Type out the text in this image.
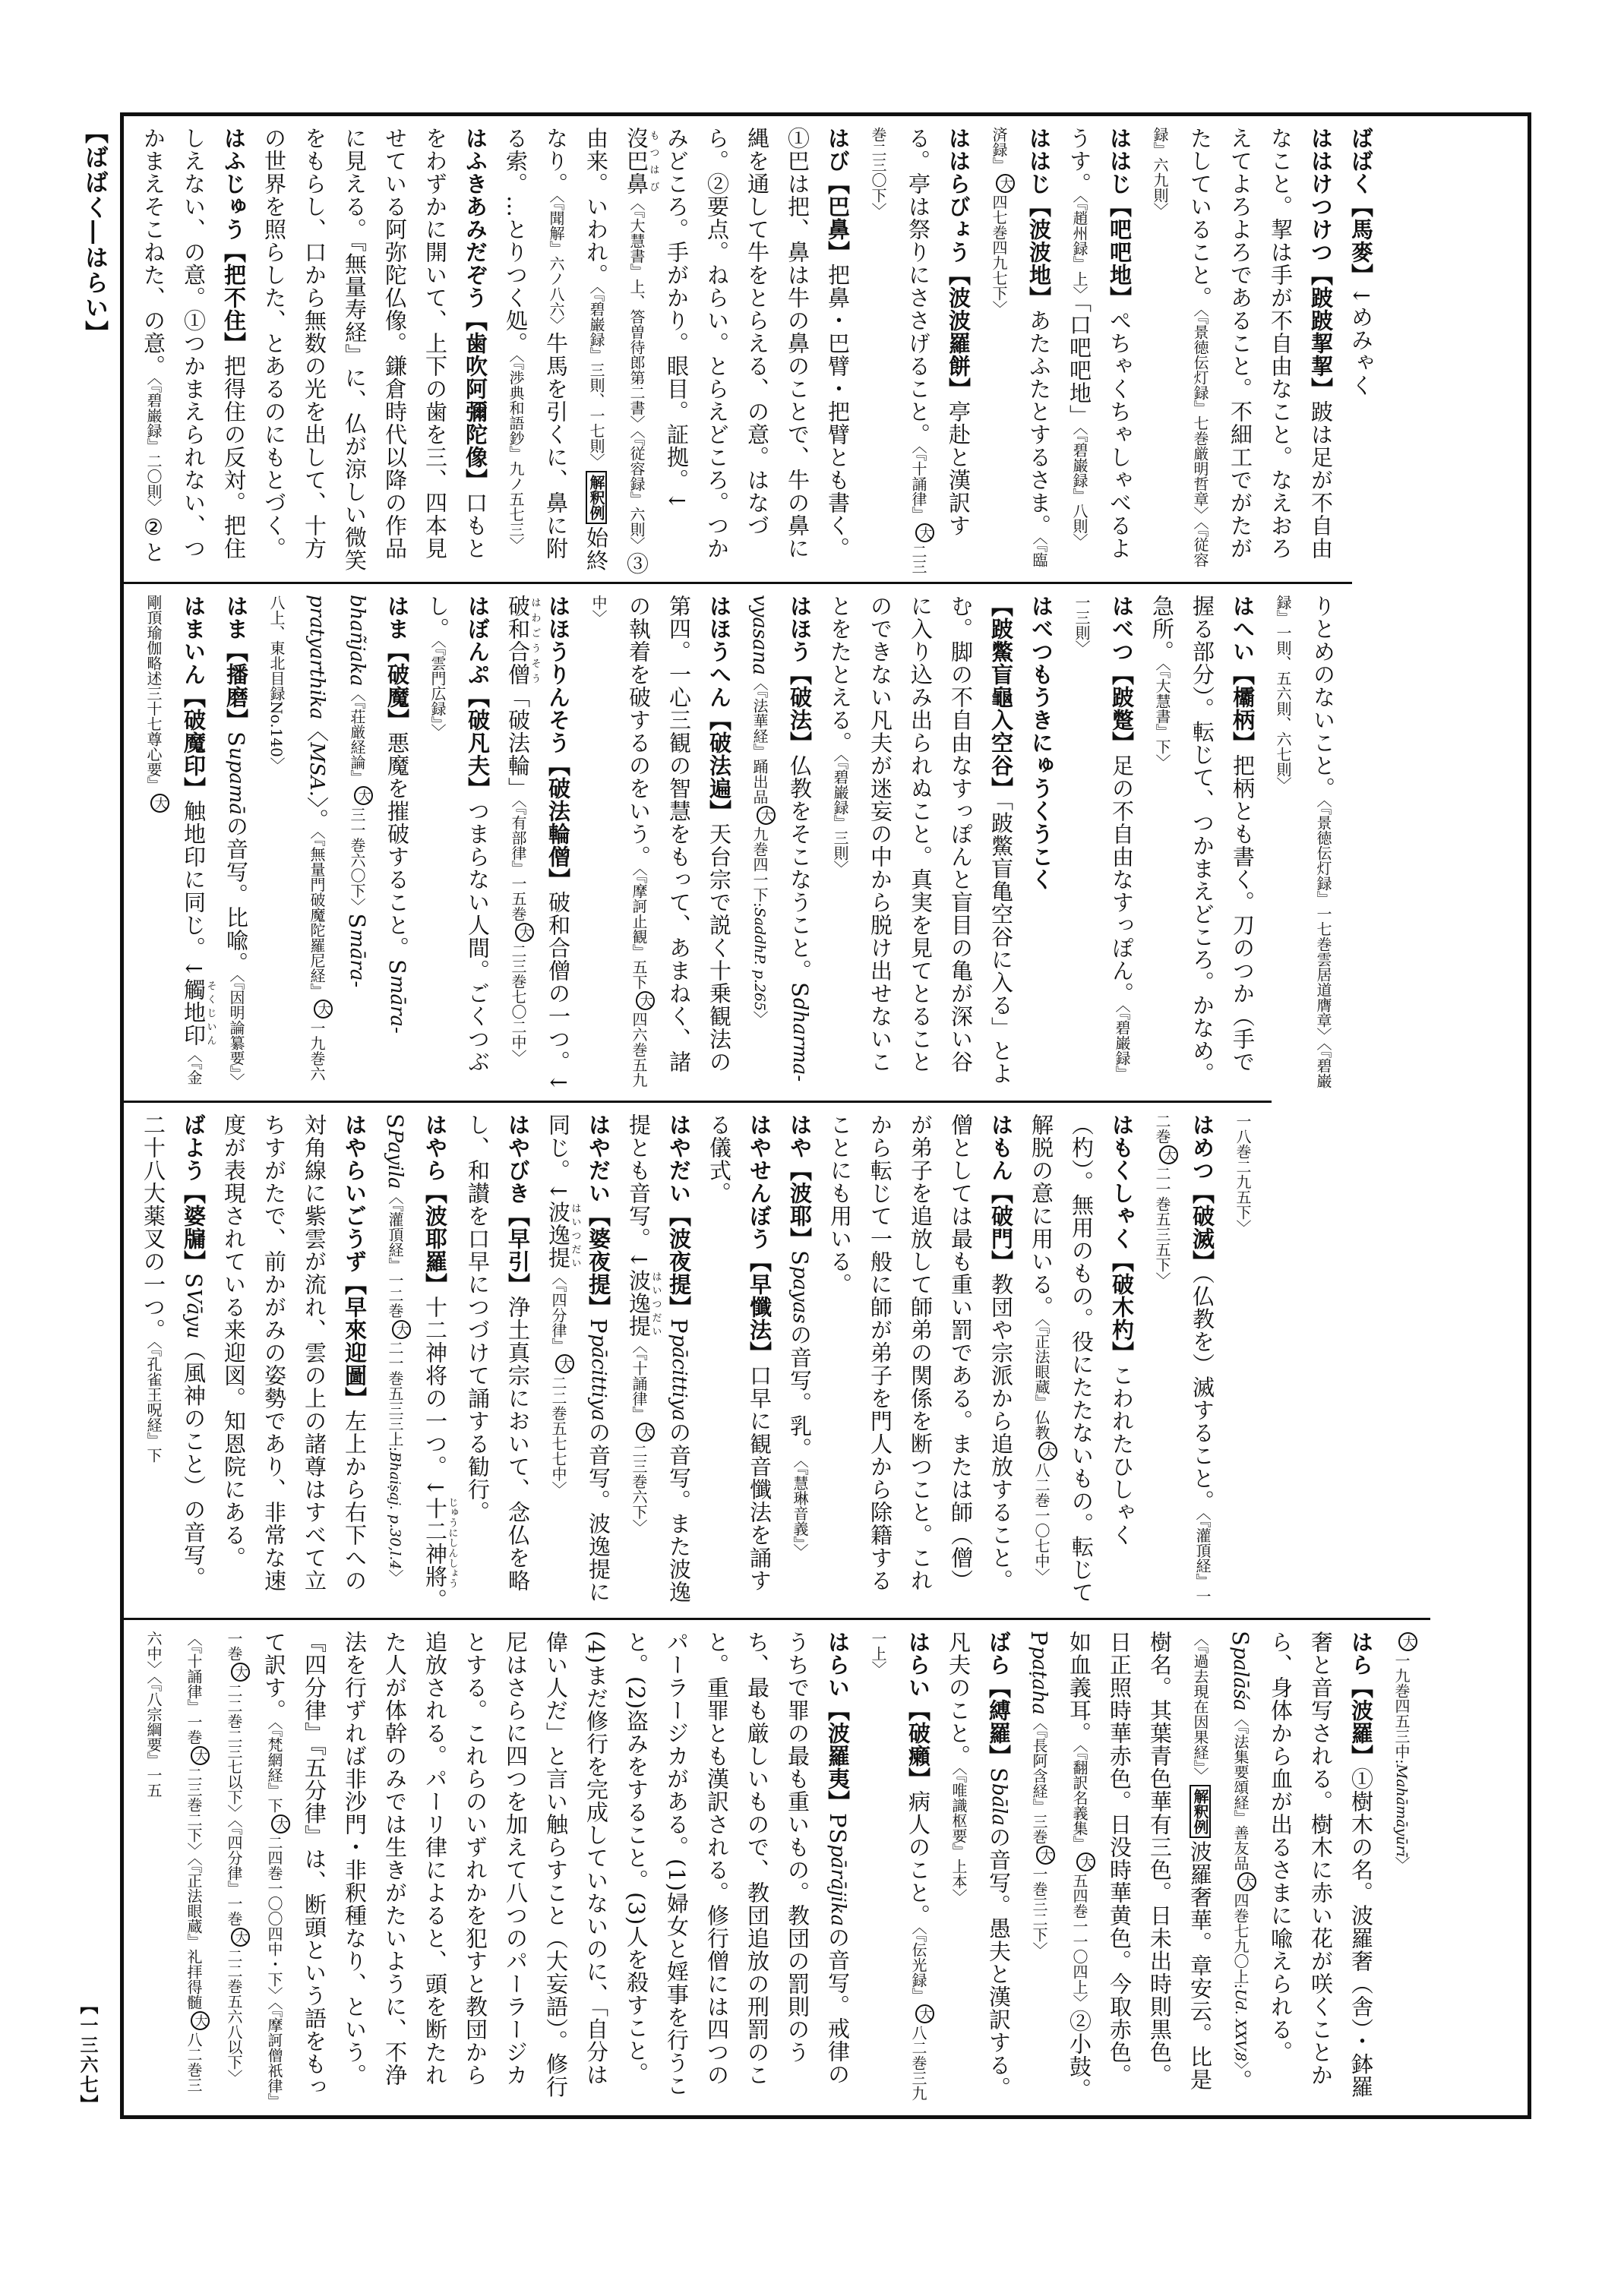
【ばばく―はらい】	ばばく【馬麥】↓めみゃく
ははけつけつ【跛跛挈挈】跛は足が不自由なこと。挈は手が不自由なこと。なえおろえてよろよろであること。不細工でがたがたしていること。〈『景徳伝灯録』七巻厳明哲章〉〈『従容録』六九則〉
ははじ【吧吧地】ぺちゃくちゃしゃべるようす。〈『趙州録』上〉「口吧吧地」〈『碧巌録』八則〉
ははじ【波波地】あたふたとするさま。〈『臨済録』大四七巻四九七下〉
ははらびょう【波波羅餅】亭赴と漢訳する。亭は祭りにささげること。〈『十誦律』大二三巻二三〇下〉
はび【巴鼻】把鼻・巴臂・把臂とも書く。①巴は把、鼻は牛の鼻のことで、牛の鼻に縄を通して牛をとらえる、の意。はなづら。②要点。ねらい。とらえどころ。つかみどころ。手がかり。眼目。証拠。↓沒巴鼻もつはび〈『大慧書』上、答曽待郎第二書〉〈『従容録』六則〉③由来。いわれ。〈『碧巌録』三則、一七則〉解釈例始終なり。〈『聞解』六ノ八六〉牛馬を引くに、鼻に附る索。…とりつく処。〈『渉典和語鈔』九ノ五七三〉
はふきあみだぞう【歯吹阿彌陀像】口もとをわずかに開いて、上下の歯を三、四本見せている阿弥陀仏像。鎌倉時代以降の作品に見える。『無量寿経』に、仏が涼しい微笑をもらし、口から無数の光を出して、十方の世界を照らした、とあるのにもとづく。
はふじゅう【把不住】把得住の反対。把住しえない、の意。①つかまえられない、つかまえそこねた、の意。〈『碧巌録』二〇則〉②と
りとめのないこと。〈『景徳伝灯録』一七巻雲居道膺章〉〈『碧巌録』一則、五六則、六七則〉
はへい【欛柄】把柄とも書く。刀のつか（手で握る部分）。転じて、つかまえどころ。かなめ。急所。〈『大慧書』下〉
はべつ【跛蹩】足の不自由なすっぽん。〈『碧巌録』一三則〉
はべつもうきにゅうくうこく【跛鱉盲龜入空谷】「跛鱉盲亀空谷に入る」とよむ。脚の不自由なすっぽんと盲目の亀が深い谷に入り込み出られぬこと。真実を見てとることのできない凡夫が迷妄の中から脱け出せないことをたとえる。〈『碧巌録』三則〉
はほう【破法】仏教をそこなうこと。Sdharma-vyasana〈『法華経』踊出品大九巻四一下:SaddhP. p.265〉
はほうへん【破法遍】天台宗で説く十乗観法の第四。一心三観の智慧をもって、あまねく、諸の執着を破するのをいう。〈『摩訶止観』五下大四六巻五九中〉
はほうりんそう【破法輪僧】破和合僧の一つ。↓破和合僧はわごうそう「破法輪」〈『有部律』一五巻大二三巻七〇二中〉
はぼんぷ【破凡夫】つまらない人間。ごくつぶし。〈『雲門広録』〉
はま【破魔】悪魔を摧破すること。Smāra-bhañjaka〈『荘厳経論』大三一巻六〇下〉Smāra-pratyarthika〈MSA.〉。〈『無量門破魔陀羅尼経』大一九巻六八上、東北目録No.140〉
はま【播磨】Supamāの音写。比喩。〈『因明論纂要』〉
はまいん【破魔印】触地印に同じ。↓觸地印そくじいん〈『金剛頂瑜伽略述三十七尊心要』大
一八巻二九五下〉
はめつ【破滅】（仏教を）滅すること。〈『灌頂経』一二巻大二一巻五三五下〉
はもくしゃく【破木杓】こわれたひしゃく（杓）。無用のもの。役にたたないもの。転じて解脱の意に用いる。〈『正法眼蔵』仏教大八二巻一〇七中〉
はもん【破門】教団や宗派から追放すること。僧としては最も重い罰である。または師（僧）が弟子を追放して師弟の関係を断つこと。これから転じて一般に師が弟子を門人から除籍することにも用いる。
はや【波耶】Spayasの音写。乳。〈『慧琳音義』〉
はやせんぼう【早懺法】口早に観音懺法を誦する儀式。
はやだい【波夜提】Ppācittiyaの音写。また波逸提とも音写。↓波逸提はいつだい〈『十誦律』大二三巻六下〉
はやだい【婆夜提】Ppācittiyaの音写。波逸提に同じ。↓波逸提はいつだい〈『四分律』大二二巻五七七中〉
はやびき【早引】浄土真宗において、念仏を略し、和讃を口早につづけて誦する勧行。
はやら【波耶羅】十二神将の一つ。↓十二神將じゅうにしんしょう。SPayila〈『灌頂経』一二巻大二一巻五三三上:Bhaiṣaj. p.30,l.4〉
はやらいごうず【早來迎圖】左上から右下への対角線に紫雲が流れ、雲の上の諸尊はすべて立ちすがたで、前かがみの姿勢であり、非常な速度が表現されている来迎図。知恩院にある。
ばよう【婆牖】SVāyu（風神のこと）の音写。二十八大薬叉の一つ。〈『孔雀王呪経』下
大一九巻四五三中:Mahāmāyūrī〉
はら【波羅】①樹木の名。波羅奢（舎）・鉢羅奢と音写される。樹木に赤い花が咲くことから、身体から血が出るさまに喩えられる。Spalāśa〈『法集要頌経』善友品大四巻七九〇上:Ud. XXV,8〉。〈『過去現在因果経』〉解釈例波羅奢華。章安云。比是樹名。其葉青色華有三色。日未出時則黒色。日正照時華赤色。日没時華黄色。今取赤色。如血義耳。〈『翻訳名義集』大五四巻一一〇四上〉②小鼓。Ppaṭaha〈『長阿含経』三巻大一巻三二下〉
ばら【縛羅】Sbālaの音写。愚夫と漢訳する。凡夫のこと。〈『唯識枢要』上本〉
はらい【破癩】病人のこと。〈『伝光録』大八二巻三九一上〉
はらい【波羅夷】PSpārājikaの音写。戒律のうちで罪の最も重いもの。教団の罰則のうち、最も厳しいもので、教団追放の刑罰のこと。重罪とも漢訳される。修行僧には四つのパーラージカがある。(1)婦女と婬事を行うこと。(2)盗みをすること。(3)人を殺すこと。(4)まだ修行を完成していないのに、「自分は偉い人だ」と言い触らすこと（大妄語）。修行尼はさらに四つを加えて八つのパーラージカとする。これらのいずれかを犯すと教団から追放される。パーリ律によると、頭を断たれた人が体幹のみでは生きがたいように、不浄法を行ずれば非沙門・非釈種なり、という。『四分律』『五分律』は、断頭という語をもって訳す。〈『梵網経』下大二四巻一〇〇四中・下〉〈『摩訶僧祇律』一巻大二二巻二三七以下〉〈『四分律』一巻大二二巻五六八以下〉〈『十誦律』一巻大二三巻二下〉〈『正法眼蔵』礼拝得髄大八二巻三六中〉〈『八宗綱要』一五
【一三六七】
